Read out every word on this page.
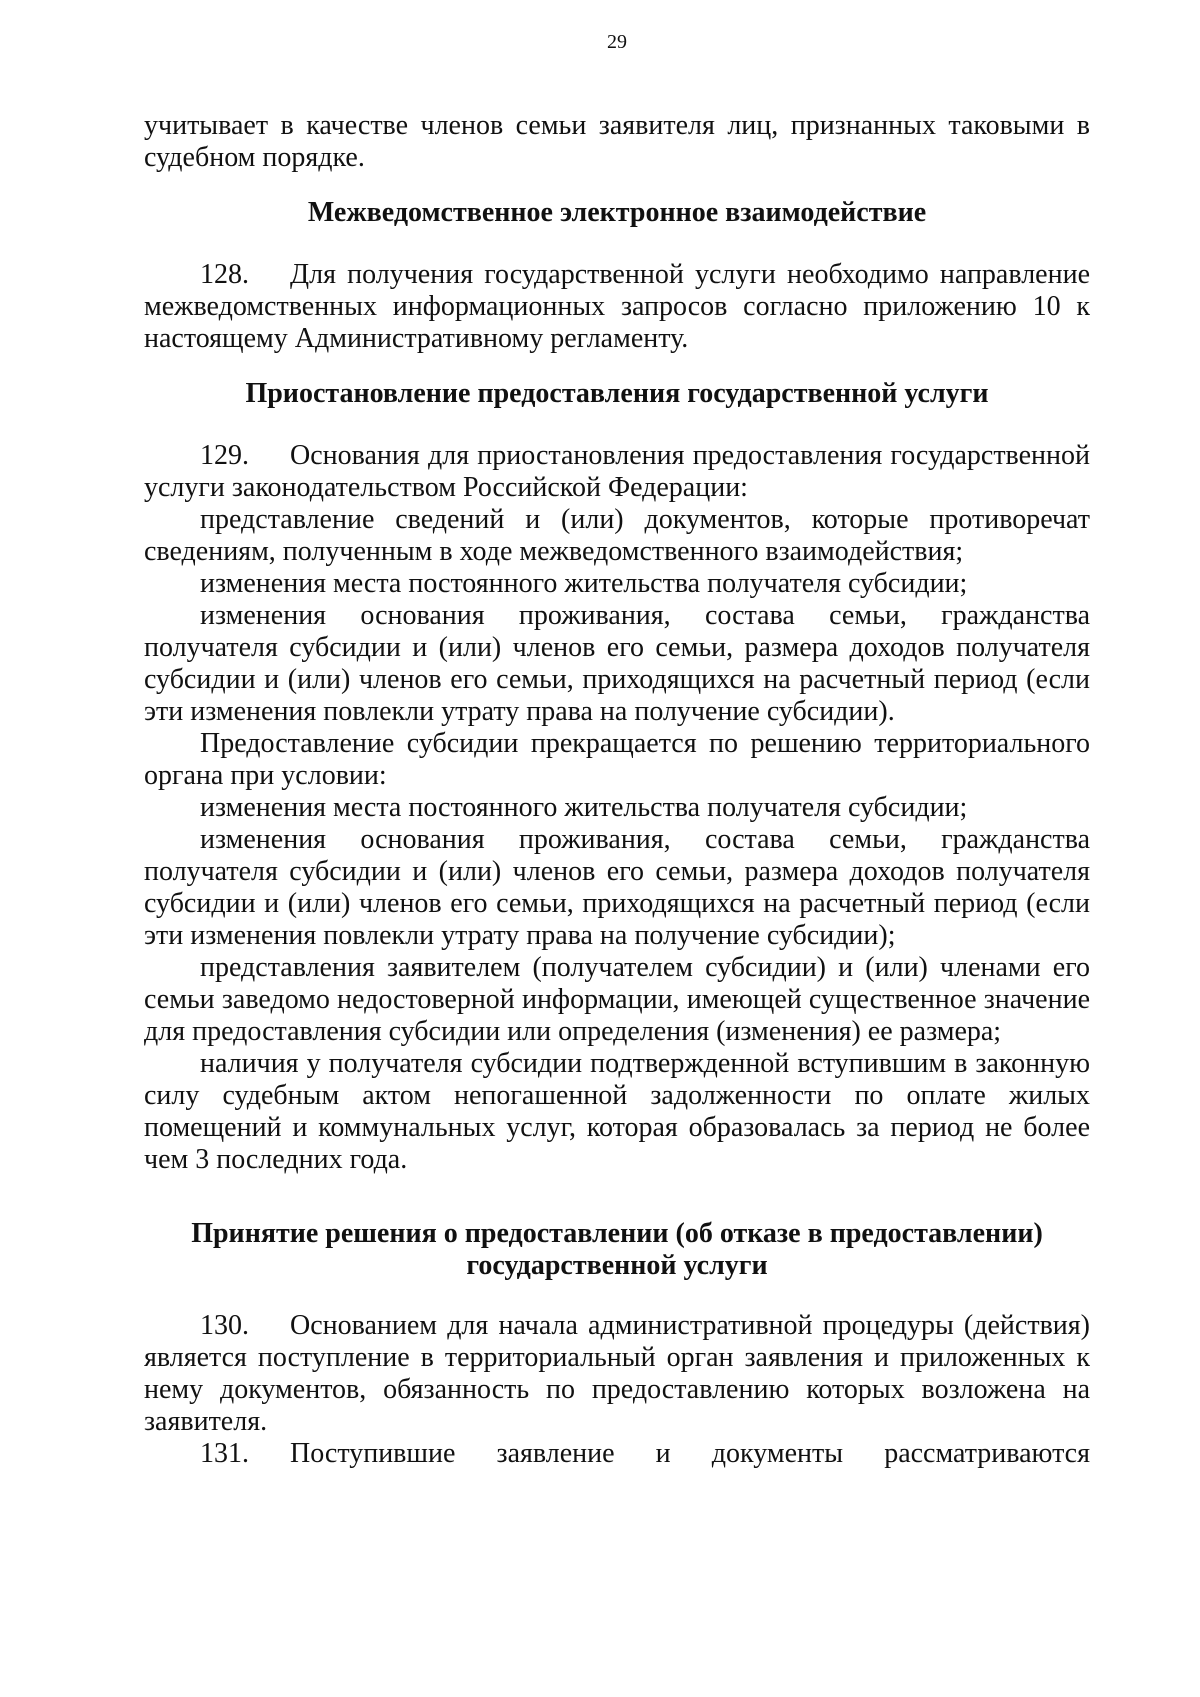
29

учитывает в качестве членов семьи заявителя лиц, признанных таковыми в судебном порядке.

Межведомственное электронное взаимодействие

128. Для получения государственной услуги необходимо направление межведомственных информационных запросов согласно приложению 10 к настоящему Административному регламенту.

Приостановление предоставления государственной услуги

129. Основания для приостановления предоставления государственной услуги законодательством Российской Федерации:

представление сведений и (или) документов, которые противоречат сведениям, полученным в ходе межведомственного взаимодействия;

изменения места постоянного жительства получателя субсидии;

изменения основания проживания, состава семьи, гражданства получателя субсидии и (или) членов его семьи, размера доходов получателя субсидии и (или) членов его семьи, приходящихся на расчетный период (если эти изменения повлекли утрату права на получение субсидии).

Предоставление субсидии прекращается по решению территориального органа при условии:

изменения места постоянного жительства получателя субсидии;

изменения основания проживания, состава семьи, гражданства получателя субсидии и (или) членов его семьи, размера доходов получателя субсидии и (или) членов его семьи, приходящихся на расчетный период (если эти изменения повлекли утрату права на получение субсидии);

представления заявителем (получателем субсидии) и (или) членами его семьи заведомо недостоверной информации, имеющей существенное значение для предоставления субсидии или определения (изменения) ее размера;

наличия у получателя субсидии подтвержденной вступившим в законную силу судебным актом непогашенной задолженности по оплате жилых помещений и коммунальных услуг, которая образовалась за период не более чем 3 последних года.

Принятие решения о предоставлении (об отказе в предоставлении)
государственной услуги

130. Основанием для начала административной процедуры (действия) является поступление в территориальный орган заявления и приложенных к нему документов, обязанность по предоставлению которых возложена на заявителя.

131. Поступившие заявление и документы рассматриваются
